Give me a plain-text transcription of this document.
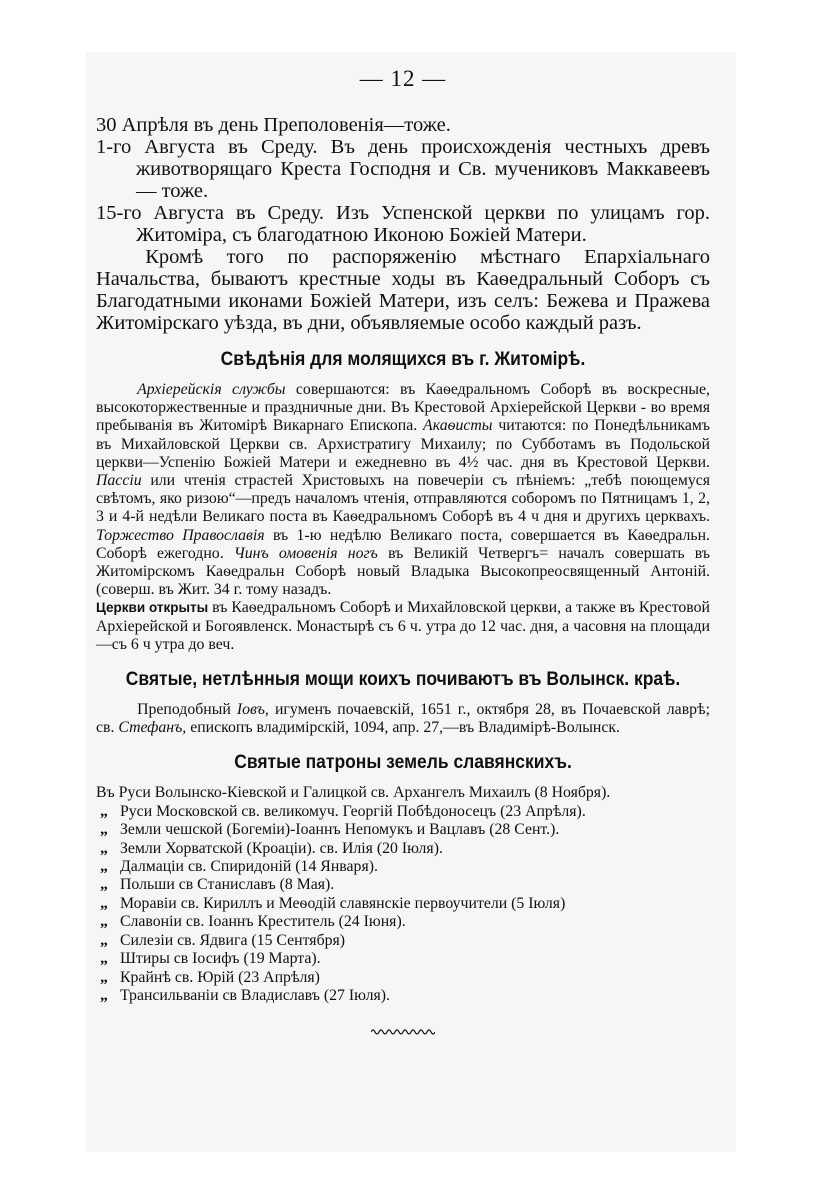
— 12 —

30 Апрѣля въ день Преполовенія—тоже.

1-го Августа въ Среду. Въ день происхожденія честныхъ древъ животворящаго Креста Господня и Св. мучениковъ Маккавеевъ— тоже.

15-го Августа въ Среду. Изъ Успенской церкви по улицамъ гор. Житоміра, съ благодатною Иконою Божіей Матери.

Кромѣ того по распоряженію мѣстнаго Епархіальнаго Начальства, бываютъ крестные ходы въ Каѳедральный Соборъ съ Благодатными иконами Божіей Матери, изъ селъ: Бежева и Пражева Житомірскаго уѣзда, въ дни, объявляемые особо каждый разъ.

Свѣдѣнія для молящихся въ г. Житомірѣ.

Архіерейскія службы совершаются: въ Каѳедральномъ Соборѣ въ воскресные, высокоторжественные и праздничные дни. Въ Крестовой Архіерейской Церкви - во время пребыванія въ Житомірѣ Викарнаго Епископа. Акаѳисты читаются: по Понедѣльникамъ въ Михайловской Церкви св. Архистратигу Михаилу; по Субботамъ въ Подольской церкви—Успенію Божіей Матери и ежедневно въ 4½ час. дня въ Крестовой Церкви. Пассіи или чтенія страстей Христовыхъ на повечеріи съ пѣніемъ: „тебѣ поющемуся свѣтомъ, яко ризою“—предъ началомъ чтенія, отправляются соборомъ по Пятницамъ 1, 2, 3 и 4-й недѣли Великаго поста въ Каѳедральномъ Соборѣ въ 4 ч дня и другихъ церквахъ. Торжество Православія въ 1-ю недѣлю Великаго поста, совершается въ Каѳедральн. Соборѣ ежегодно. Чинъ омовенія ногъ въ Великій Четвергъ= началъ совершать въ Житомірскомъ Каѳедральн Соборѣ новый Владыка Высокопреосвященный Антоній. (соверш. въ Жит. 34 г. тому назадъ.

Церкви открыты въ Каѳедральномъ Соборѣ и Михайловской церкви, а также въ Крестовой Архіерейской и Богоявленск. Монастырѣ съ 6 ч. утра до 12 час. дня, а часовня на площади—съ 6 ч утра до веч.

Святые, нетлѣнныя мощи коихъ почиваютъ въ Волынск. краѣ.

Преподобный Іовъ, игуменъ почаевскій, 1651 г., октября 28, въ Почаевской лаврѣ; св. Стефанъ, епископъ владимірскій, 1094, апр. 27,—въ Владимірѣ-Волынск.

Святые патроны земель славянскихъ.

Въ Руси Волынско-Кіевской и Галицкой св. Архангелъ Михаилъ (8 Ноября).

„ Руси Московской св. великомуч. Георгій Побѣдоносецъ (23 Апрѣля).
„ Земли чешской (Богеміи)-Іоаннъ Непомукъ и Вацлавъ (28 Сент.).
„ Земли Хорватской (Кроаціи). св. Илія (20 Іюля).
„ Далмаціи св. Спиридоній (14 Января).
„ Польши св Станиславъ (8 Мая).
„ Моравіи св. Кириллъ и Меѳодій славянскіе первоучители (5 Іюля)
„ Славоніи св. Іоаннъ Креститель (24 Іюня).
„ Силезіи св. Ядвига (15 Сентября)
„ Штиры св Іосифъ (19 Марта).
„ Крайнѣ св. Юрій (23 Апрѣля)
„ Трансильваніи св Владиславъ (27 Іюля).
